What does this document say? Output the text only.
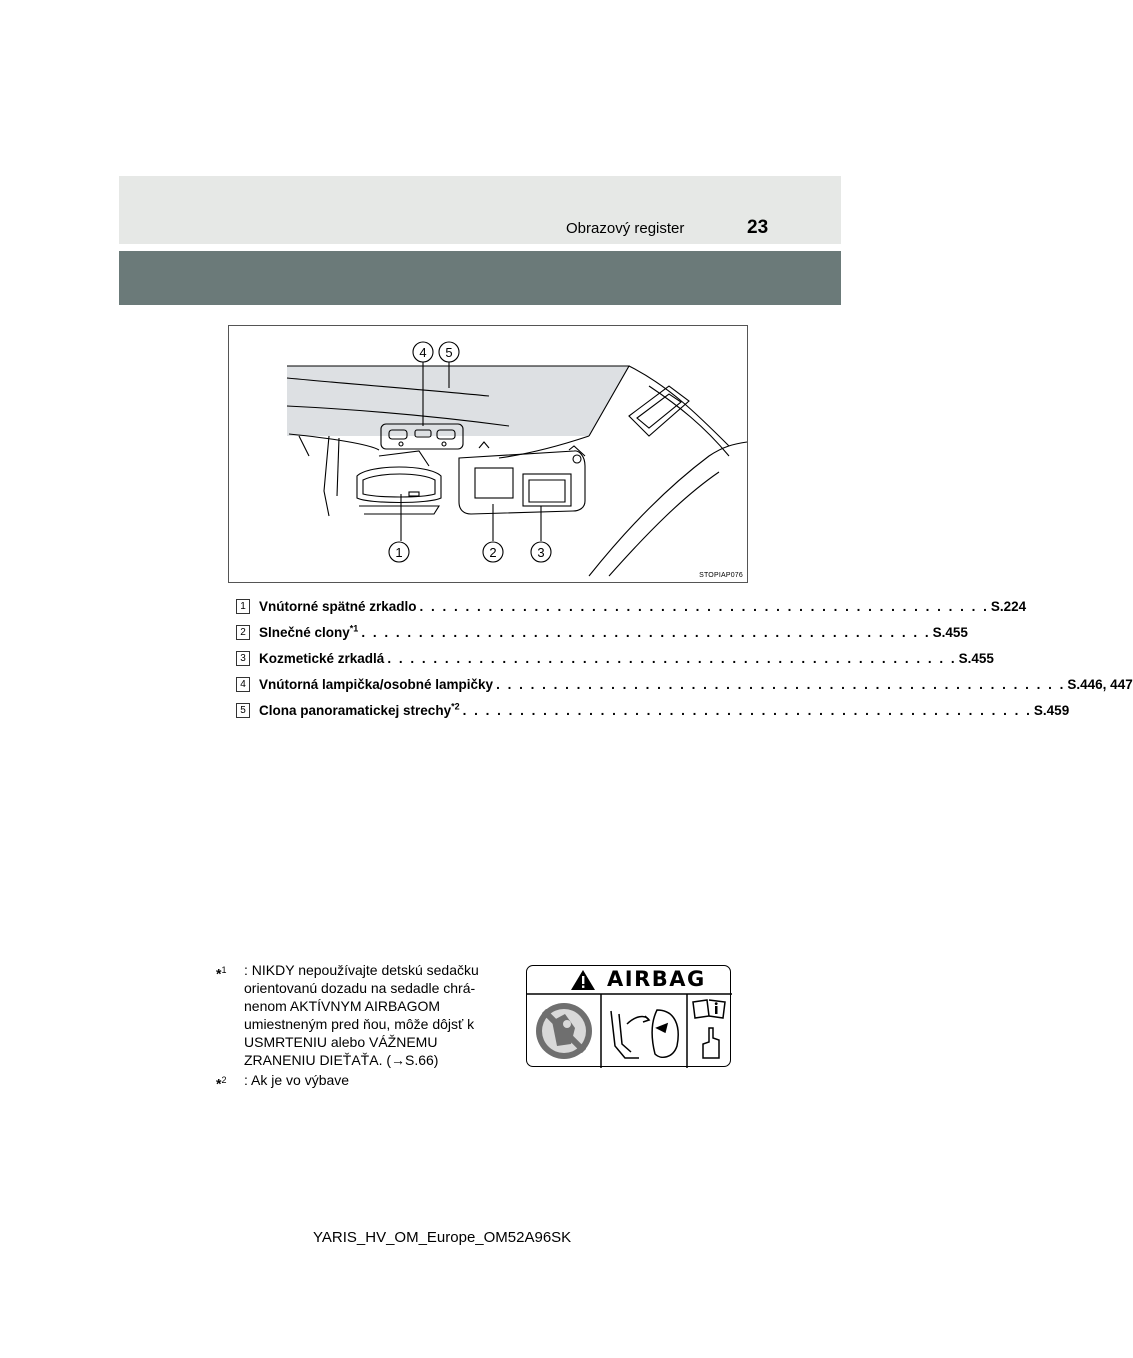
Obrazový register	23
4 5
1	2	3
STOPIAP076
1 Vnútorné spätné zrkadlo . . . . . . . . . . . . . . . . . . . . . . . . . . . . . . . . . . . . . . . . . . . . . . . . . . S.224
2 Slnečné clony$^{*1}$ . . . . . . . . . . . . . . . . . . . . . . . . . . . . . . . . . . . . . . . . . . . . . . . . . . S.455
3 Kozmetické zrkadlá . . . . . . . . . . . . . . . . . . . . . . . . . . . . . . . . . . . . . . . . . . . . . . . . . . S.455
4 Vnútorná lampička/osobné lampičky . . . . . . . . . . . . . . . . . . . . . . . . . . . . . . . . . . . . . . . . . . . . . . . . . . S.446, 447
5 Clona panoramatickej strechy$^{*2}$ . . . . . . . . . . . . . . . . . . . . . . . . . . . . . . . . . . . . . . . . . . . . . . . . . . S.459
*$^1$ : NIKDY nepoužívajte detskú sedačku orientovanú dozadu na sedadle chrá-nenom AKTÍVNYM AIRBAGOM umiestneným pred ňou, môže dôjsť k USMRTENIU alebo VÁŽNEMU ZRANENIU DIEŤAŤA. (→S.66)
*$^2$ : Ak je vo výbave
AIRBAG
YARIS_HV_OM_Europe_OM52A96SK
